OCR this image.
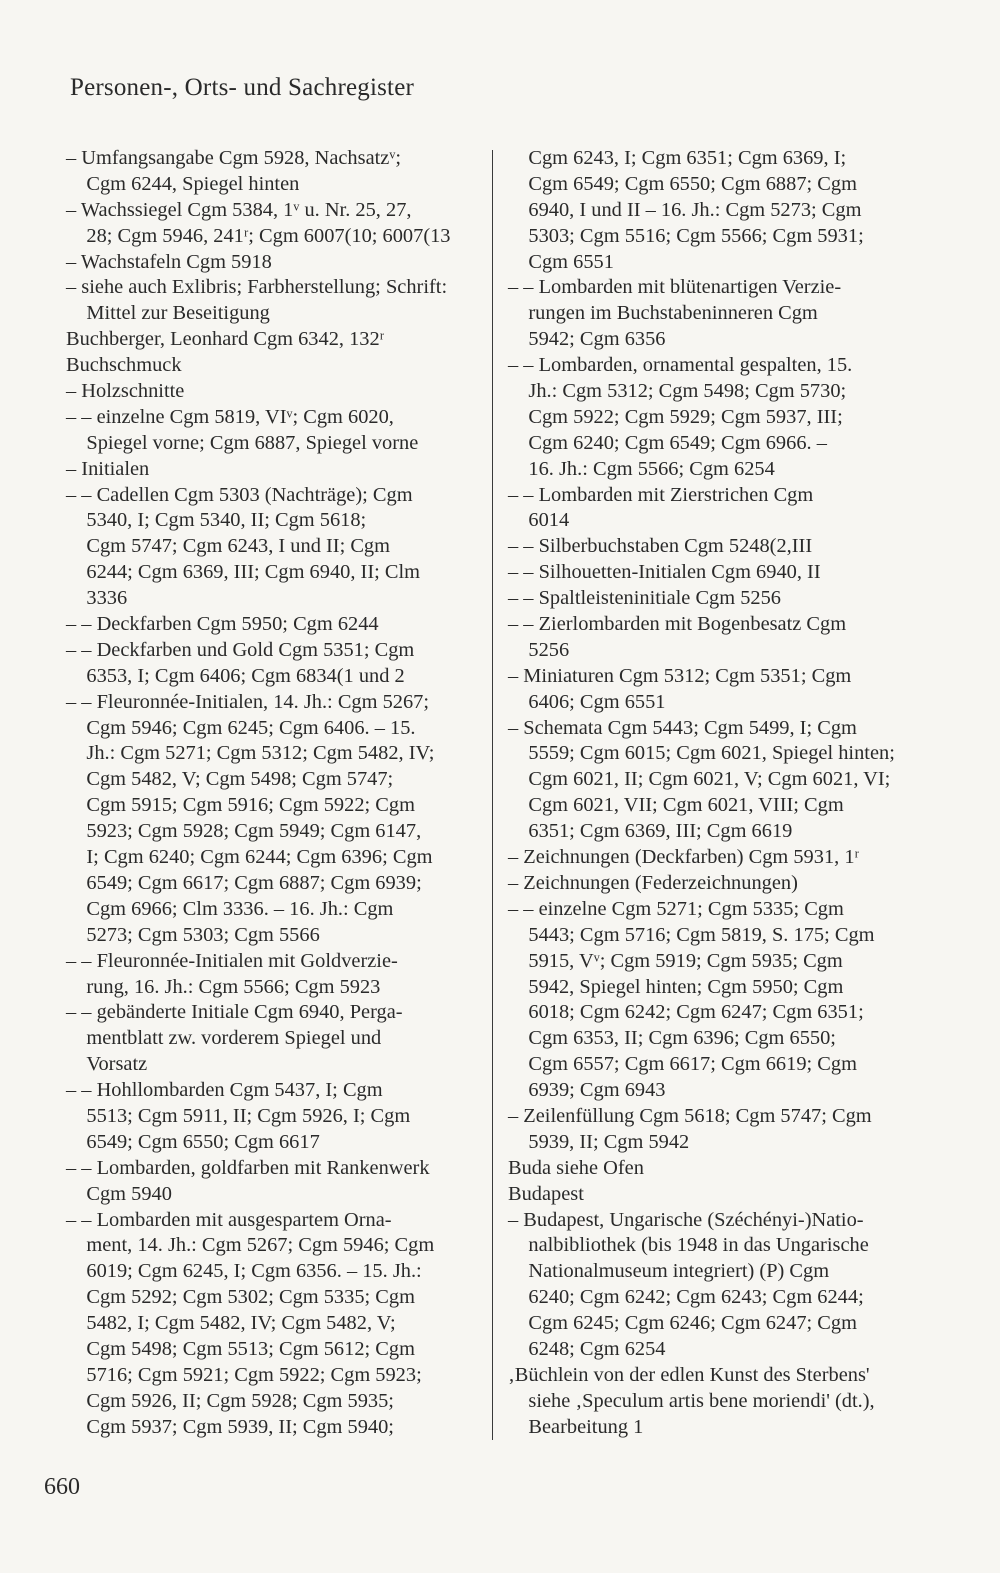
Personen-, Orts- und Sachregister
– Umfangsangabe Cgm 5928, Nachsatzᵛ;
Cgm 6244, Spiegel hinten
– Wachssiegel Cgm 5384, 1ᵛ u. Nr. 25, 27,
28; Cgm 5946, 241ʳ; Cgm 6007(10; 6007(13
– Wachstafeln Cgm 5918
– siehe auch Exlibris; Farbherstellung; Schrift:
Mittel zur Beseitigung
Buchberger, Leonhard Cgm 6342, 132ʳ
Buchschmuck
– Holzschnitte
– – einzelne Cgm 5819, VIᵛ; Cgm 6020,
Spiegel vorne; Cgm 6887, Spiegel vorne
– Initialen
– – Cadellen Cgm 5303 (Nachträge); Cgm
5340, I; Cgm 5340, II; Cgm 5618;
Cgm 5747; Cgm 6243, I und II; Cgm
6244; Cgm 6369, III; Cgm 6940, II; Clm
3336
– – Deckfarben Cgm 5950; Cgm 6244
– – Deckfarben und Gold Cgm 5351; Cgm
6353, I; Cgm 6406; Cgm 6834(1 und 2
– – Fleuronnée-Initialen, 14. Jh.: Cgm 5267;
Cgm 5946; Cgm 6245; Cgm 6406. – 15.
Jh.: Cgm 5271; Cgm 5312; Cgm 5482, IV;
Cgm 5482, V; Cgm 5498; Cgm 5747;
Cgm 5915; Cgm 5916; Cgm 5922; Cgm
5923; Cgm 5928; Cgm 5949; Cgm 6147,
I; Cgm 6240; Cgm 6244; Cgm 6396; Cgm
6549; Cgm 6617; Cgm 6887; Cgm 6939;
Cgm 6966; Clm 3336. – 16. Jh.: Cgm
5273; Cgm 5303; Cgm 5566
– – Fleuronnée-Initialen mit Goldverzie-
rung, 16. Jh.: Cgm 5566; Cgm 5923
– – gebänderte Initiale Cgm 6940, Perga-
mentblatt zw. vorderem Spiegel und
Vorsatz
– – Hohllombarden Cgm 5437, I; Cgm
5513; Cgm 5911, II; Cgm 5926, I; Cgm
6549; Cgm 6550; Cgm 6617
– – Lombarden, goldfarben mit Rankenwerk
Cgm 5940
– – Lombarden mit ausgespartem Orna-
ment, 14. Jh.: Cgm 5267; Cgm 5946; Cgm
6019; Cgm 6245, I; Cgm 6356. – 15. Jh.:
Cgm 5292; Cgm 5302; Cgm 5335; Cgm
5482, I; Cgm 5482, IV; Cgm 5482, V;
Cgm 5498; Cgm 5513; Cgm 5612; Cgm
5716; Cgm 5921; Cgm 5922; Cgm 5923;
Cgm 5926, II; Cgm 5928; Cgm 5935;
Cgm 5937; Cgm 5939, II; Cgm 5940;
Cgm 6243, I; Cgm 6351; Cgm 6369, I;
Cgm 6549; Cgm 6550; Cgm 6887; Cgm
6940, I und II – 16. Jh.: Cgm 5273; Cgm
5303; Cgm 5516; Cgm 5566; Cgm 5931;
Cgm 6551
– – Lombarden mit blütenartigen Verzie-
rungen im Buchstabeninneren Cgm
5942; Cgm 6356
– – Lombarden, ornamental gespalten, 15.
Jh.: Cgm 5312; Cgm 5498; Cgm 5730;
Cgm 5922; Cgm 5929; Cgm 5937, III;
Cgm 6240; Cgm 6549; Cgm 6966. –
16. Jh.: Cgm 5566; Cgm 6254
– – Lombarden mit Zierstrichen Cgm
6014
– – Silberbuchstaben Cgm 5248(2,III
– – Silhouetten-Initialen Cgm 6940, II
– – Spaltleisteninitiale Cgm 5256
– – Zierlombarden mit Bogenbesatz Cgm
5256
– Miniaturen Cgm 5312; Cgm 5351; Cgm
6406; Cgm 6551
– Schemata Cgm 5443; Cgm 5499, I; Cgm
5559; Cgm 6015; Cgm 6021, Spiegel hinten;
Cgm 6021, II; Cgm 6021, V; Cgm 6021, VI;
Cgm 6021, VII; Cgm 6021, VIII; Cgm
6351; Cgm 6369, III; Cgm 6619
– Zeichnungen (Deckfarben) Cgm 5931, 1ʳ
– Zeichnungen (Federzeichnungen)
– – einzelne Cgm 5271; Cgm 5335; Cgm
5443; Cgm 5716; Cgm 5819, S. 175; Cgm
5915, Vᵛ; Cgm 5919; Cgm 5935; Cgm
5942, Spiegel hinten; Cgm 5950; Cgm
6018; Cgm 6242; Cgm 6247; Cgm 6351;
Cgm 6353, II; Cgm 6396; Cgm 6550;
Cgm 6557; Cgm 6617; Cgm 6619; Cgm
6939; Cgm 6943
– Zeilenfüllung Cgm 5618; Cgm 5747; Cgm
5939, II; Cgm 5942
Buda siehe Ofen
Budapest
– Budapest, Ungarische (Széchényi-)Natio-
nalbibliothek (bis 1948 in das Ungarische
Nationalmuseum integriert) (P) Cgm
6240; Cgm 6242; Cgm 6243; Cgm 6244;
Cgm 6245; Cgm 6246; Cgm 6247; Cgm
6248; Cgm 6254
‚Büchlein von der edlen Kunst des Sterbens'
siehe ‚Speculum artis bene moriendi' (dt.),
Bearbeitung 1
660
